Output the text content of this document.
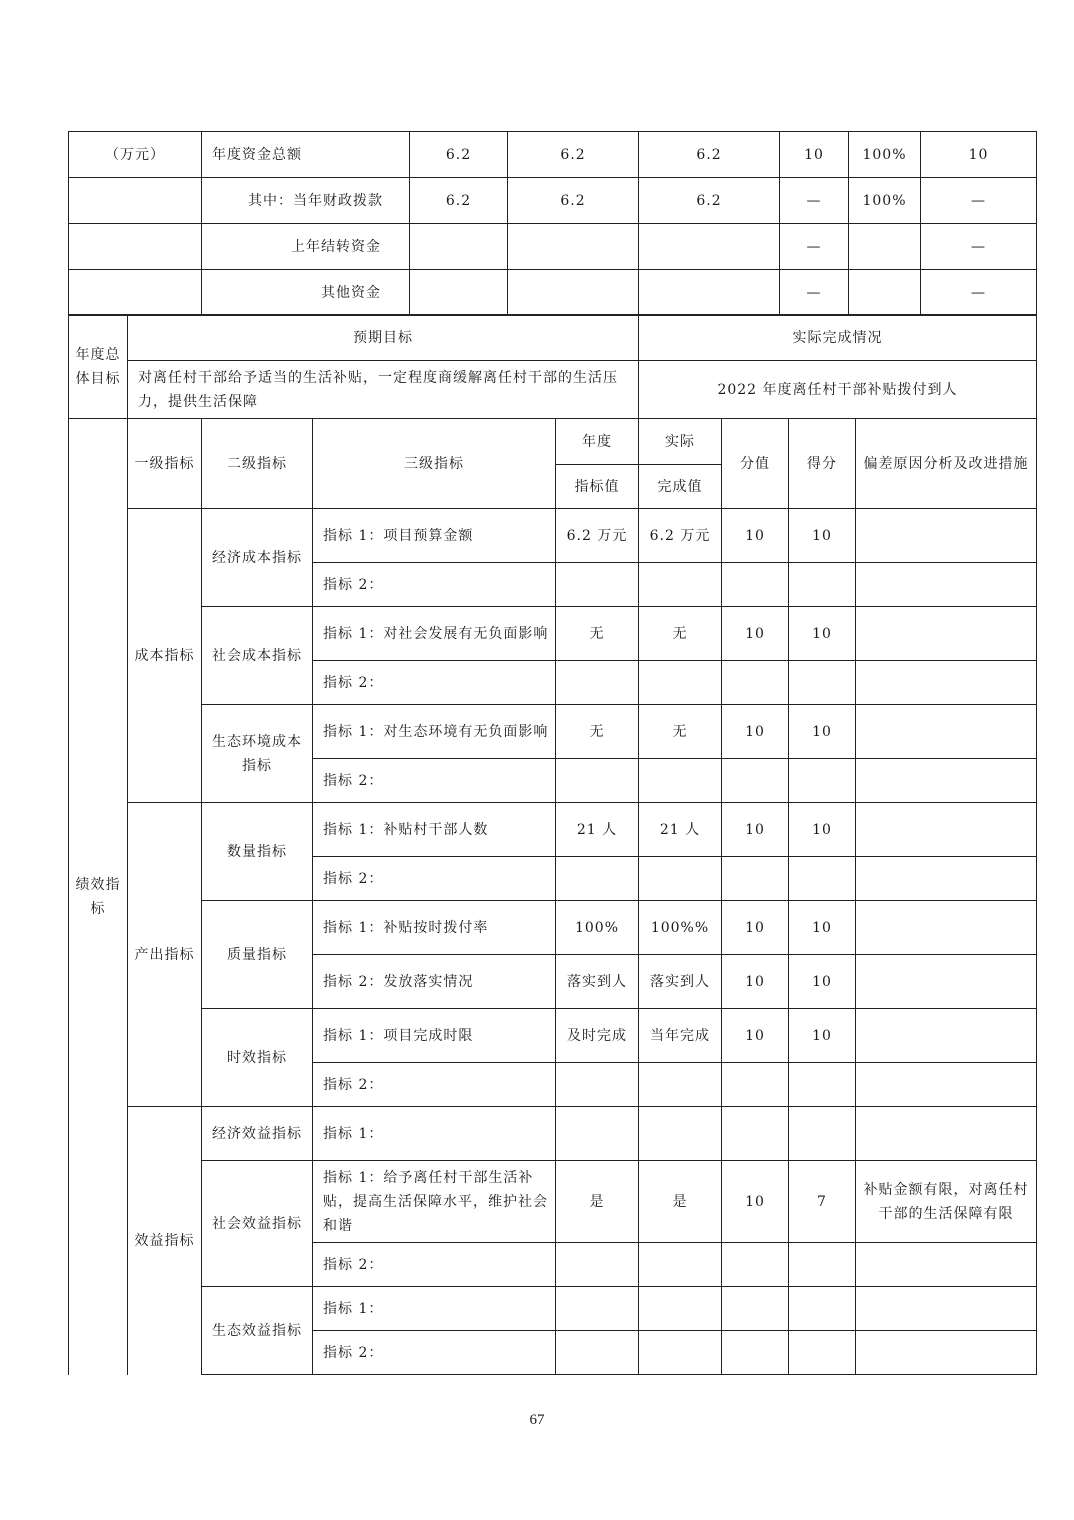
（万元）	年度资金总额	6.2	6.2	6.2	10	100%	10
	其中：当年财政拨款	6.2	6.2	6.2	—	100%	—
	上年结转资金				—		—
	其他资金				—		—
年度总体目标	预期目标	实际完成情况
	对离任村干部给予适当的生活补贴，一定程度商缓解离任村干部的生活压力，提供生活保障	2022 年度离任村干部补贴拨付到人
绩效指标	一级指标	二级指标	三级指标	年度	实际	分值	得分	偏差原因分析及改进措施
				指标值	完成值			
	成本指标	经济成本指标	指标 1：项目预算金额	6.2 万元	6.2 万元	10	10	
			指标 2：					
		社会成本指标	指标 1：对社会发展有无负面影响	无	无	10	10	
			指标 2：					
		生态环境成本指标	指标 1：对生态环境有无负面影响	无	无	10	10	
			指标 2：					
	产出指标	数量指标	指标 1：补贴村干部人数	21 人	21 人	10	10	
			指标 2：					
		质量指标	指标 1：补贴按时拨付率	100%	100%%	10	10	
			指标 2：发放落实情况	落实到人	落实到人	10	10	
		时效指标	指标 1：项目完成时限	及时完成	当年完成	10	10	
			指标 2：					
	效益指标	经济效益指标	指标 1：					
		社会效益指标	指标 1：给予离任村干部生活补贴，提高生活保障水平，维护社会和谐	是	是	10	7	补贴金额有限，对离任村干部的生活保障有限
			指标 2：					
		生态效益指标	指标 1：					
			指标 2：					
67
